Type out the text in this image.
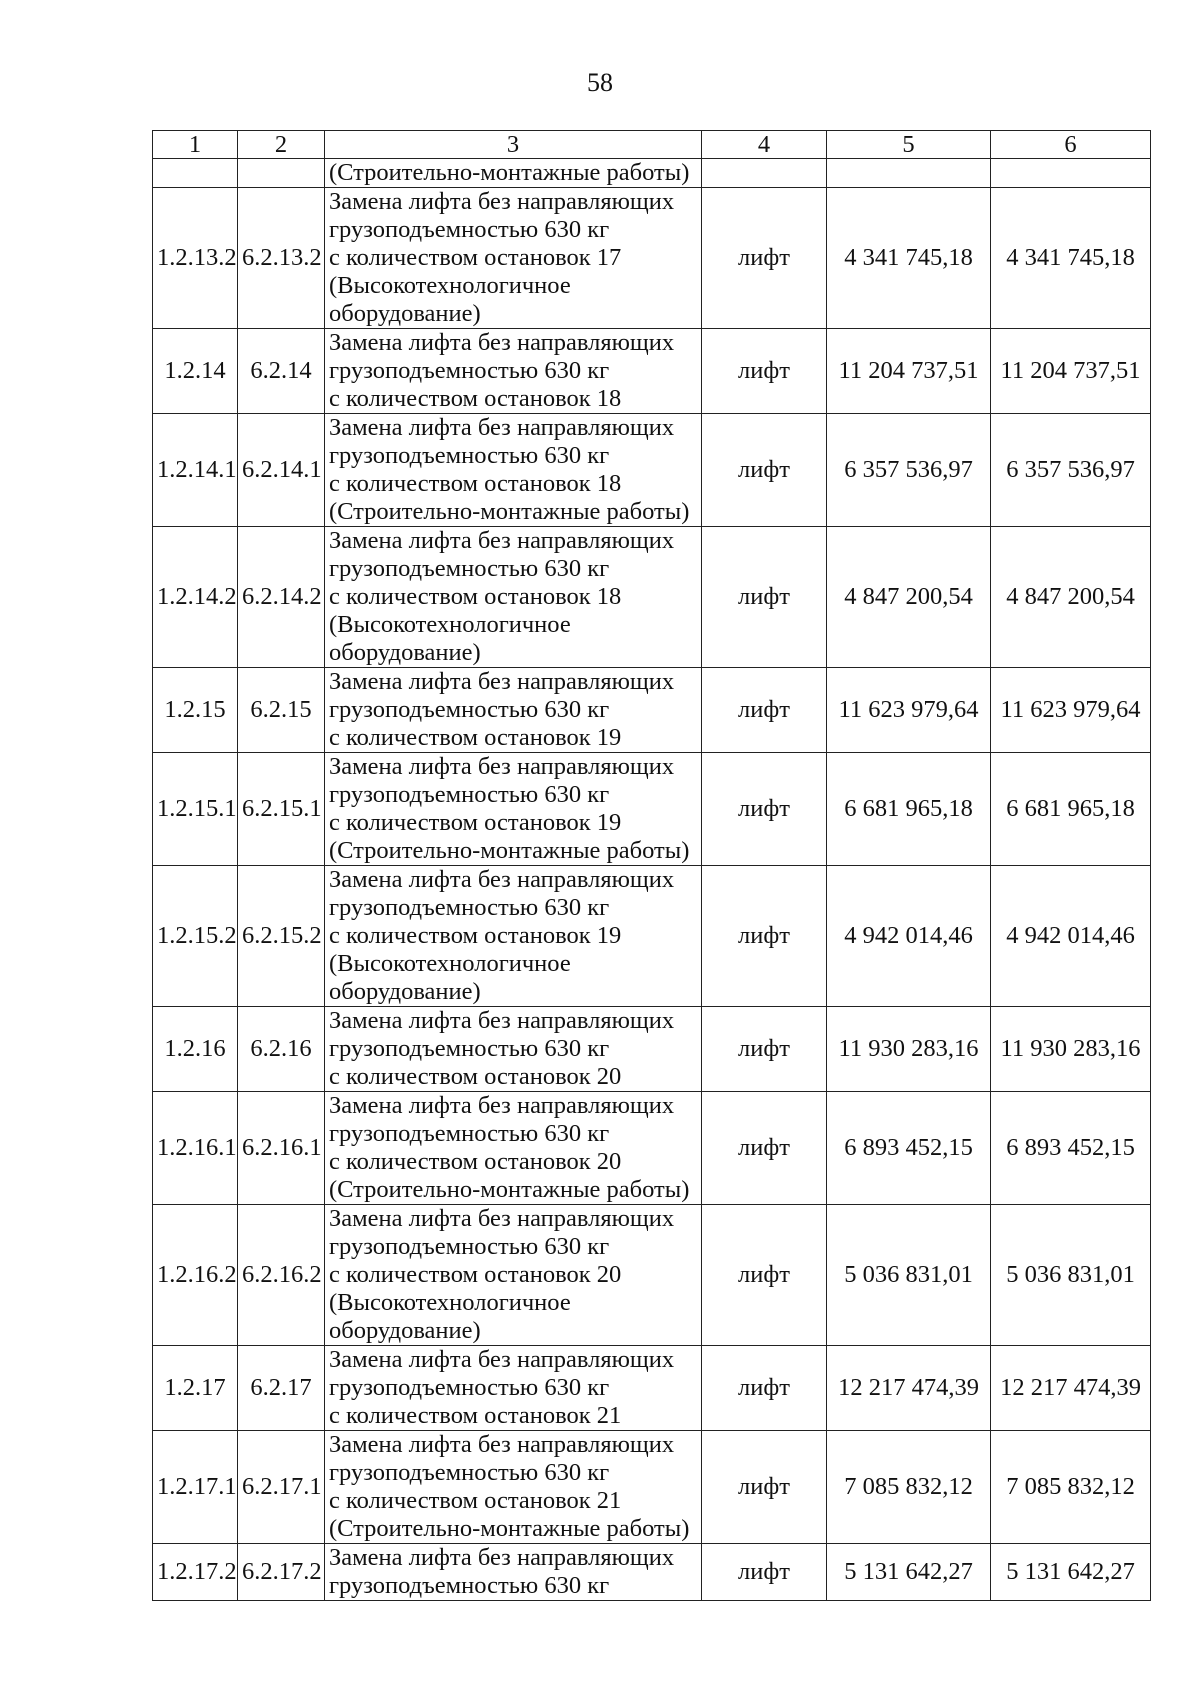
58
1	2	3	4	5	6

		(Строительно-монтажные работы)			

1.2.13.2	6.2.13.2	Замена лифта без направляющих
грузоподъемностью 630 кг
с количеством остановок 17
(Высокотехнологичное
оборудование)	лифт	4 341 745,18	4 341 745,18
1.2.14	6.2.14	Замена лифта без направляющих
грузоподъемностью 630 кг
с количеством остановок 18	лифт	11 204 737,51	11 204 737,51
1.2.14.1	6.2.14.1	Замена лифта без направляющих
грузоподъемностью 630 кг
с количеством остановок 18
(Строительно-монтажные работы)	лифт	6 357 536,97	6 357 536,97
1.2.14.2	6.2.14.2	Замена лифта без направляющих
грузоподъемностью 630 кг
с количеством остановок 18
(Высокотехнологичное
оборудование)	лифт	4 847 200,54	4 847 200,54
1.2.15	6.2.15	Замена лифта без направляющих
грузоподъемностью 630 кг
с количеством остановок 19	лифт	11 623 979,64	11 623 979,64
1.2.15.1	6.2.15.1	Замена лифта без направляющих
грузоподъемностью 630 кг
с количеством остановок 19
(Строительно-монтажные работы)	лифт	6 681 965,18	6 681 965,18
1.2.15.2	6.2.15.2	Замена лифта без направляющих
грузоподъемностью 630 кг
с количеством остановок 19
(Высокотехнологичное
оборудование)	лифт	4 942 014,46	4 942 014,46
1.2.16	6.2.16	Замена лифта без направляющих
грузоподъемностью 630 кг
с количеством остановок 20	лифт	11 930 283,16	11 930 283,16
1.2.16.1	6.2.16.1	Замена лифта без направляющих
грузоподъемностью 630 кг
с количеством остановок 20
(Строительно-монтажные работы)	лифт	6 893 452,15	6 893 452,15
1.2.16.2	6.2.16.2	Замена лифта без направляющих
грузоподъемностью 630 кг
с количеством остановок 20
(Высокотехнологичное
оборудование)	лифт	5 036 831,01	5 036 831,01
1.2.17	6.2.17	Замена лифта без направляющих
грузоподъемностью 630 кг
с количеством остановок 21	лифт	12 217 474,39	12 217 474,39
1.2.17.1	6.2.17.1	Замена лифта без направляющих
грузоподъемностью 630 кг
с количеством остановок 21
(Строительно-монтажные работы)	лифт	7 085 832,12	7 085 832,12
1.2.17.2	6.2.17.2	Замена лифта без направляющих
грузоподъемностью 630 кг	лифт	5 131 642,27	5 131 642,27
